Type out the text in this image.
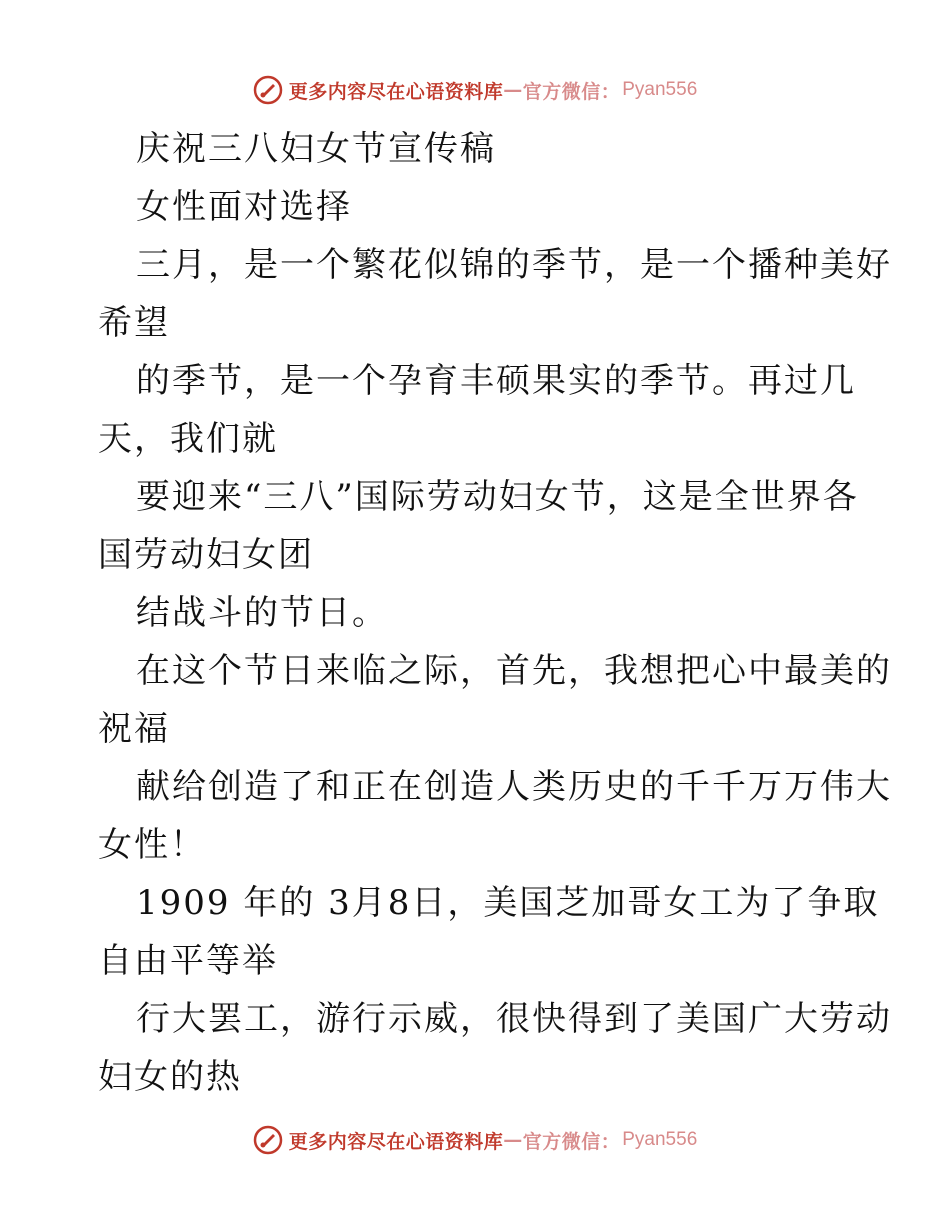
更多内容尽在心语资料库 — 官方微信： Pyan556
庆祝三八妇女节宣传稿
女性面对选择
三月，是一个繁花似锦的季节，是一个播种美好
希望
的季节，是一个孕育丰硕果实的季节。再过几
天，我们就
要迎来“三八”国际劳动妇女节，这是全世界各
国劳动妇女团
结战斗的节日。
在这个节日来临之际，首先，我想把心中最美的
祝福
献给创造了和正在创造人类历史的千千万万伟大
女性！
1909 年的 3月8日，美国芝加哥女工为了争取
自由平等举
行大罢工，游行示威，很快得到了美国广大劳动
妇女的热
更多内容尽在心语资料库 — 官方微信： Pyan556
